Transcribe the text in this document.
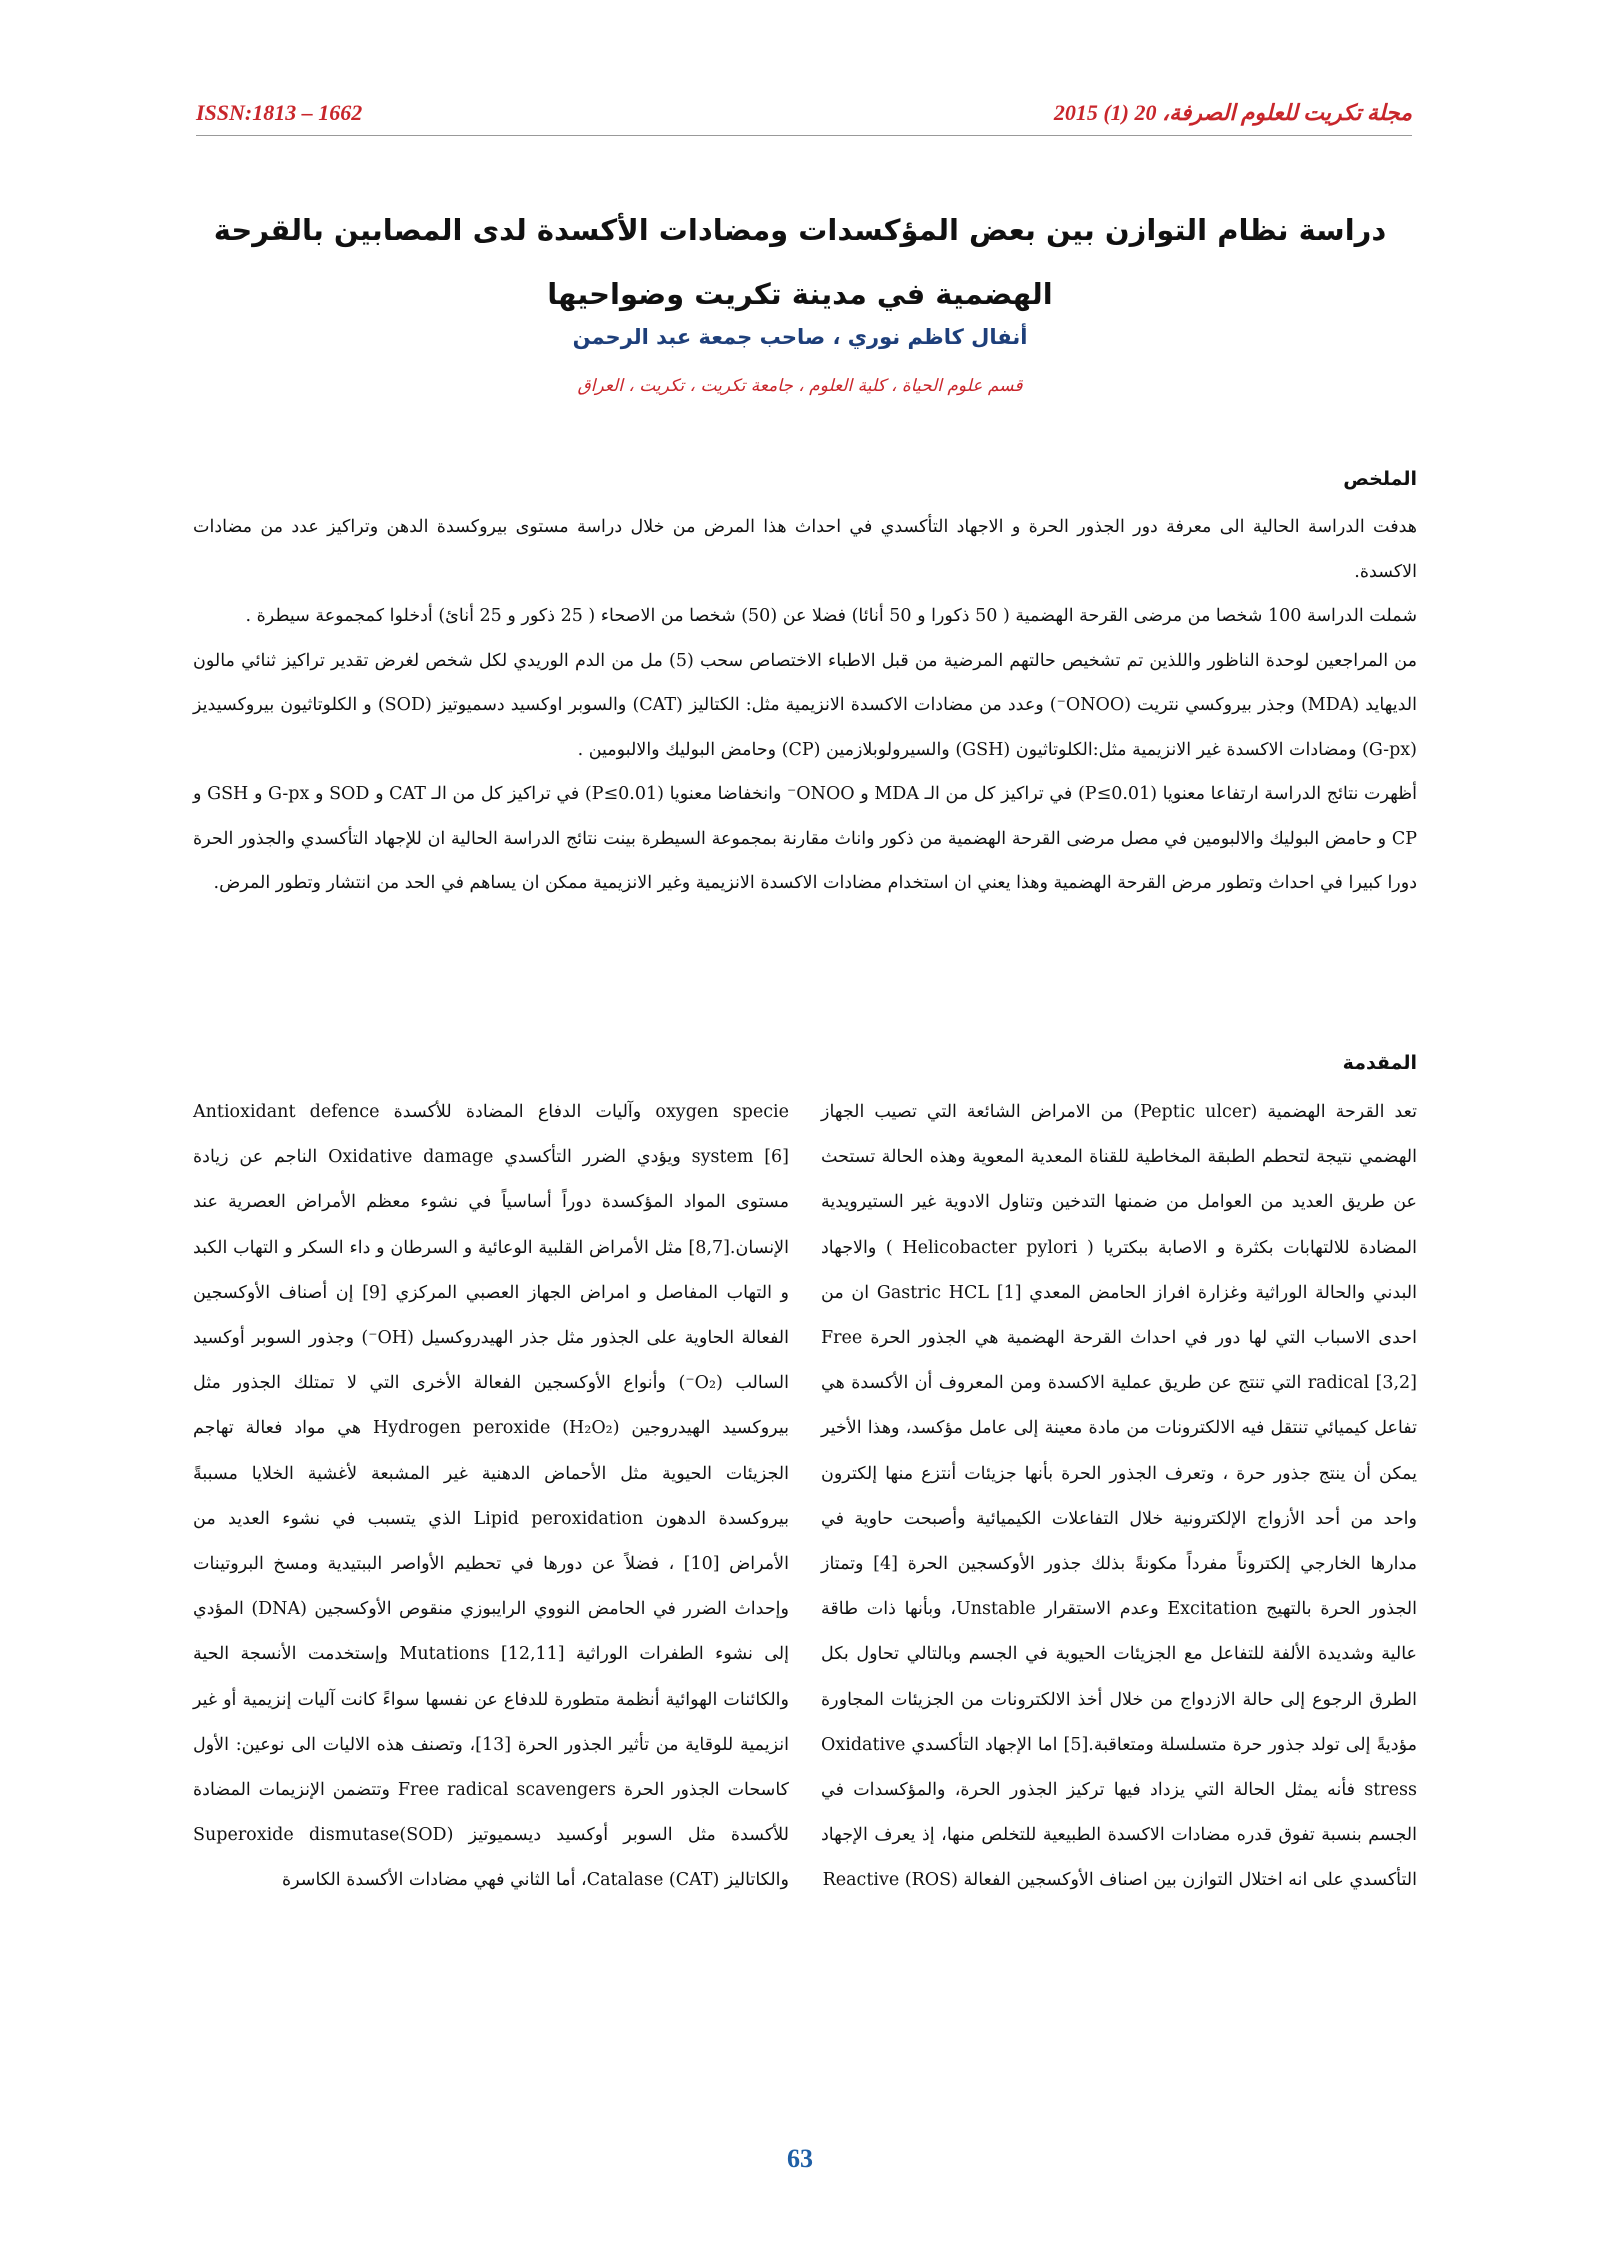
ISSN:1813 – 1662	مجلة تكريت للعلوم الصرفة، 20 (1) 2015
دراسة نظام التوازن بين بعض المؤكسدات ومضادات الأكسدة لدى المصابين بالقرحة الهضمية في مدينة تكريت وضواحيها
أنفال كاظم نوري ، صاحب جمعة عبد الرحمن
قسم علوم الحياة ، كلية العلوم ، جامعة تكريت ، تكريت ، العراق
الملخص

هدفت الدراسة الحالية الى معرفة دور الجذور الحرة و الاجهاد التأكسدي في احداث هذا المرض من خلال دراسة مستوى بيروكسدة الدهن وتراكيز عدد من مضادات الاكسدة.

شملت الدراسة 100 شخصا من مرضى القرحة الهضمية ( 50 ذكورا و 50 أنائا) فضلا عن (50) شخصا من الاصحاء ( 25 ذكور و 25 أنائ) أدخلوا كمجموعة سيطرة .

من المراجعين لوحدة الناظور واللذين تم تشخيص حالتهم المرضية من قبل الاطباء الاختصاص سحب (5) مل من الدم الوريدي لكل شخص لغرض تقدير تراكيز ثنائي مالون الديهايد (MDA) وجذر بيروكسي نتريت (ONOO⁻) وعدد من مضادات الاكسدة الانزيمية مثل: الكتاليز (CAT) والسوبر اوكسيد دسميوتيز (SOD) و الكلوتاثيون بيروكسيديز (G-px) ومضادات الاكسدة غير الانزيمية مثل:الكلوتاثيون (GSH) والسيرولوبلازمين (CP) وحامض البوليك والالبومين .

أظهرت نتائج الدراسة ارتفاعا معنويا (P≤0.01) في تراكيز كل من الـ MDA و ONOO⁻ وانخفاضا معنويا (P≤0.01) في تراكيز كل من الـ CAT و SOD و G-px و GSH و CP و حامض البوليك والالبومين في مصل مرضى القرحة الهضمية من ذكور واناث مقارنة بمجموعة السيطرة بينت نتائج الدراسة الحالية ان للإجهاد التأكسدي والجذور الحرة دورا كبيرا في احداث وتطور مرض القرحة الهضمية وهذا يعني ان استخدام مضادات الاكسدة الانزيمية وغير الانزيمية ممكن ان يساهم في الحد من انتشار وتطور المرض.

المقدمة
تعد القرحة الهضمية (Peptic ulcer) من الامراض الشائعة التي تصيب الجهاز الهضمي نتيجة لتحطم الطبقة المخاطية للقناة المعدية المعوية وهذه الحالة تستحث عن طريق العديد من العوامل من ضمنها التدخين وتناول الادوية غير الستيرويدية المضادة للالتهابات بكثرة و الاصابة ببكتريا ( Helicobacter pylori ) والاجهاد البدني والحالة الوراثية وغزارة افراز الحامض المعدي Gastric HCL [1] ان من احدى الاسباب التي لها دور في احداث القرحة الهضمية هي الجذور الحرة Free radical [3,2] التي تنتج عن طريق عملية الاكسدة ومن المعروف أن الأكسدة هي تفاعل كيميائي تنتقل فيه الالكترونات من مادة معينة إلى عامل مؤكسد، وهذا الأخير يمكن أن ينتج جذور حرة ، وتعرف الجذور الحرة بأنها جزيئات أنتزع منها إلكترون واحد من أحد الأزواج الإلكترونية خلال التفاعلات الكيميائية وأصبحت حاوية في مدارها الخارجي إلكتروناً مفرداً مكونةً بذلك جذور الأوكسجين الحرة [4] وتمتاز الجذور الحرة بالتهيج Excitation وعدم الاستقرار Unstable، وبأنها ذات طاقة عالية وشديدة الألفة للتفاعل مع الجزيئات الحيوية في الجسم وبالتالي تحاول بكل الطرق الرجوع إلى حالة الازدواج من خلال أخذ الالكترونات من الجزيئات المجاورة مؤديةً إلى تولد جذور حرة متسلسلة ومتعاقبة.[5] اما الإجهاد التأكسدي Oxidative stress فأنه يمثل الحالة التي يزداد فيها تركيز الجذور الحرة، والمؤكسدات في الجسم بنسبة تفوق قدره مضادات الاكسدة الطبيعية للتخلص منها، إذ يعرف الإجهاد التأكسدي على انه اختلال التوازن بين اصناف الأوكسجين الفعالة (ROS) Reactive
oxygen specie وآليات الدفاع المضادة للأكسدة Antioxidant defence system [6] ويؤدي الضرر التأكسدي Oxidative damage الناجم عن زيادة مستوى المواد المؤكسدة دوراً أساسياً في نشوء معظم الأمراض العصرية عند الإنسان.[8,7] مثل الأمراض القلبية الوعائية و السرطان و داء السكر و التهاب الكبد و التهاب المفاصل و امراض الجهاز العصبي المركزي [9] إن أصناف الأوكسجين الفعالة الحاوية على الجذور مثل جذر الهيدروكسيل (OH⁻) وجذور السوبر أوكسيد السالب (O₂⁻) وأنواع الأوكسجين الفعالة الأخرى التي لا تمتلك الجذور مثل بيروكسيد الهيدروجين Hydrogen peroxide (H₂O₂) هي مواد فعالة تهاجم الجزيئات الحيوية مثل الأحماض الدهنية غير المشبعة لأغشية الخلايا مسببةً بيروكسدة الدهون Lipid peroxidation الذي يتسبب في نشوء العديد من الأمراض [10] ، فضلاً عن دورها في تحطيم الأواصر الببتيدية ومسخ البروتينات وإحداث الضرر في الحامض النووي الرايبوزي منقوص الأوكسجين (DNA) المؤدي إلى نشوء الطفرات الوراثية Mutations [12,11] وإستخدمت الأنسجة الحية والكائنات الهوائية أنظمة متطورة للدفاع عن نفسها سواءً كانت آليات إنزيمية أو غير انزيمية للوقاية من تأثير الجذور الحرة [13]، وتصنف هذه الاليات الى نوعين: الأول كاسحات الجذور الحرة Free radical scavengers وتتضمن الإنزيمات المضادة للأكسدة مثل السوبر أوكسيد ديسميوتيز Superoxide dismutase(SOD) والكاتاليز Catalase (CAT)، أما الثاني فهي مضادات الأكسدة الكاسرة
63
